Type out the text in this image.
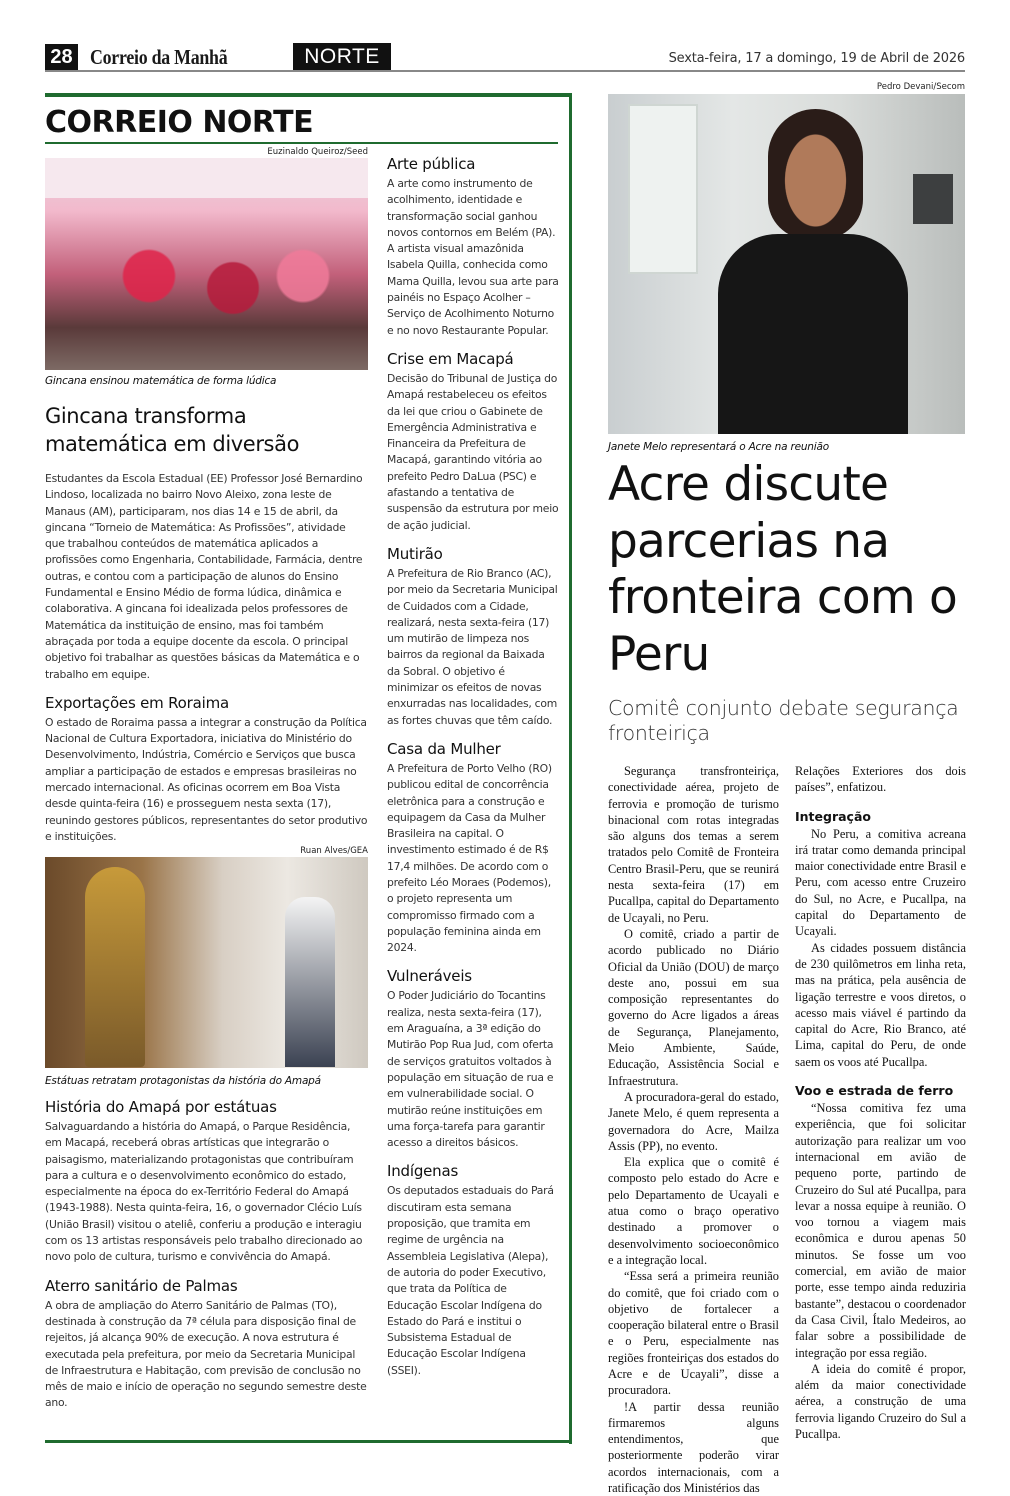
28 Correio da Manhã	NORTE	Sexta-feira, 17 a domingo, 19 de Abril de 2026
CORREIO NORTE
Euzinaldo Queiroz/Seed
Gincana ensinou matemática de forma lúdica
Gincana transforma matemática em diversão

Estudantes da Escola Estadual (EE) Professor José Bernardino Lindoso, localizada no bairro Novo Aleixo, zona leste de Manaus (AM), participaram, nos dias 14 e 15 de abril, da gincana “Torneio de Matemática: As Profissões”, atividade que trabalhou conteúdos de matemática aplicados a profissões como Engenharia, Contabilidade, Farmácia, dentre outras, e contou com a participação de alunos do Ensino Fundamental e Ensino Médio de forma lúdica, dinâmica e colaborativa. A gincana foi idealizada pelos professores de Matemática da instituição de ensino, mas foi também abraçada por toda a equipe docente da escola. O principal objetivo foi trabalhar as questões básicas da Matemática e o trabalho em equipe.

Exportações em Roraima

O estado de Roraima passa a integrar a construção da Política Nacional de Cultura Exportadora, iniciativa do Ministério do Desenvolvimento, Indústria, Comércio e Serviços que busca ampliar a participação de estados e empresas brasileiras no mercado internacional. As oficinas ocorrem em Boa Vista desde quinta-feira (16) e prosseguem nesta sexta (17), reunindo gestores públicos, representantes do setor produtivo e instituições.

Ruan Alves/GEA
Estátuas retratam protagonistas da história do Amapá
História do Amapá por estátuas

Salvaguardando a história do Amapá, o Parque Residência, em Macapá, receberá obras artísticas que integrarão o paisagismo, materializando protagonistas que contribuíram para a cultura e o desenvolvimento econômico do estado, especialmente na época do ex-Território Federal do Amapá (1943-1988). Nesta quinta-feira, 16, o governador Clécio Luís (União Brasil) visitou o ateliê, conferiu a produção e interagiu com os 13 artistas responsáveis pelo trabalho direcionado ao novo polo de cultura, turismo e convivência do Amapá.

Aterro sanitário de Palmas

A obra de ampliação do Aterro Sanitário de Palmas (TO), destinada à construção da 7ª célula para disposição final de rejeitos, já alcança 90% de execução. A nova estrutura é executada pela prefeitura, por meio da Secretaria Municipal de Infraestrutura e Habitação, com previsão de conclusão no mês de maio e início de operação no segundo semestre deste ano.

Arte pública

A arte como instrumento de acolhimento, identidade e transformação social ganhou novos contornos em Belém (PA). A artista visual amazônida Isabela Quilla, conhecida como Mama Quilla, levou sua arte para painéis no Espaço Acolher – Serviço de Acolhimento Noturno e no novo Restaurante Popular.

Crise em Macapá

Decisão do Tribunal de Justiça do Amapá restabeleceu os efeitos da lei que criou o Gabinete de Emergência Administrativa e Financeira da Prefeitura de Macapá, garantindo vitória ao prefeito Pedro DaLua (PSC) e afastando a tentativa de suspensão da estrutura por meio de ação judicial.

Mutirão

A Prefeitura de Rio Branco (AC), por meio da Secretaria Municipal de Cuidados com a Cidade, realizará, nesta sexta-feira (17) um mutirão de limpeza nos bairros da regional da Baixada da Sobral. O objetivo é minimizar os efeitos de novas enxurradas nas localidades, com as fortes chuvas que têm caído.

Casa da Mulher

A Prefeitura de Porto Velho (RO) publicou edital de concorrência eletrônica para a construção e equipagem da Casa da Mulher Brasileira na capital. O investimento estimado é de R$ 17,4 milhões. De acordo com o prefeito Léo Moraes (Podemos), o projeto representa um compromisso firmado com a população feminina ainda em 2024.

Vulneráveis

O Poder Judiciário do Tocantins realiza, nesta sexta-feira (17), em Araguaína, a 3ª edição do Mutirão Pop Rua Jud, com oferta de serviços gratuitos voltados à população em situação de rua e em vulnerabilidade social. O mutirão reúne instituições em uma força-tarefa para garantir acesso a direitos básicos.

Indígenas

Os deputados estaduais do Pará discutiram esta semana proposição, que tramita em regime de urgência na Assembleia Legislativa (Alepa), de autoria do poder Executivo, que trata da Política de Educação Escolar Indígena do Estado do Pará e institui o Subsistema Estadual de Educação Escolar Indígena (SSEI).

Pedro Devani/Secom
Janete Melo representará o Acre na reunião
Acre discute parcerias na fronteira com o Peru
Comitê conjunto debate segurança fronteiriça

Segurança transfronteiriça, conectividade aérea, projeto de ferrovia e promoção de turismo binacional com rotas integradas são alguns dos temas a serem tratados pelo Comitê de Fronteira Centro Brasil-Peru, que se reunirá nesta sexta-feira (17) em Pucallpa, capital do Departamento de Ucayali, no Peru.

O comitê, criado a partir de acordo publicado no Diário Oficial da União (DOU) de março deste ano, possui em sua composição representantes do governo do Acre ligados a áreas de Segurança, Planejamento, Meio Ambiente, Saúde, Educação, Assistência Social e Infraestrutura.

A procuradora-geral do estado, Janete Melo, é quem representa a governadora do Acre, Mailza Assis (PP), no evento.

Ela explica que o comitê é composto pelo estado do Acre e pelo Departamento de Ucayali e atua como o braço operativo destinado a promover o desenvolvimento socioeconômico e a integração local.

“Essa será a primeira reunião do comitê, que foi criado com o objetivo de fortalecer a cooperação bilateral entre o Brasil e o Peru, especialmente nas regiões fronteiriças dos estados do Acre e de Ucayali”, disse a procuradora.

!A partir dessa reunião firmaremos alguns entendimentos, que posteriormente poderão virar acordos internacionais, com a ratificação dos Ministérios das

Relações Exteriores dos dois países”, enfatizou.

Integração

No Peru, a comitiva acreana irá tratar como demanda principal maior conectividade entre Brasil e Peru, com acesso entre Cruzeiro do Sul, no Acre, e Pucallpa, na capital do Departamento de Ucayali.

As cidades possuem distância de 230 quilômetros em linha reta, mas na prática, pela ausência de ligação terrestre e voos diretos, o acesso mais viável é partindo da capital do Acre, Rio Branco, até Lima, capital do Peru, de onde saem os voos até Pucallpa.

Voo e estrada de ferro

“Nossa comitiva fez uma experiência, que foi solicitar autorização para realizar um voo internacional em avião de pequeno porte, partindo de Cruzeiro do Sul até Pucallpa, para levar a nossa equipe à reunião. O voo tornou a viagem mais econômica e durou apenas 50 minutos. Se fosse um voo comercial, em avião de maior porte, esse tempo ainda reduziria bastante”, destacou o coordenador da Casa Civil, Ítalo Medeiros, ao falar sobre a possibilidade de integração por essa região.

A ideia do comitê é propor, além da maior conectividade aérea, a construção de uma ferrovia ligando Cruzeiro do Sul a Pucallpa.
